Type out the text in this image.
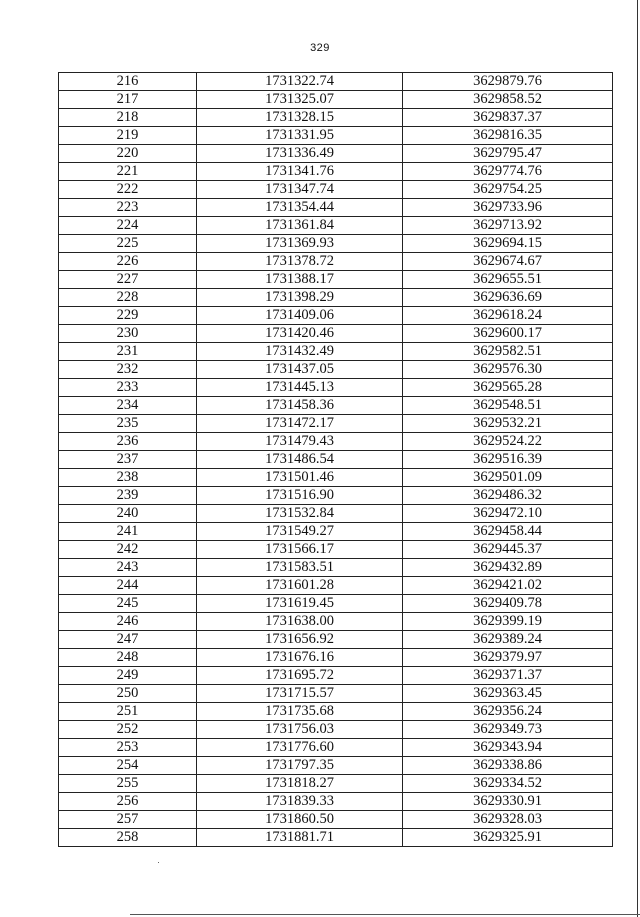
329
216	1731322.74	3629879.76
217	1731325.07	3629858.52
218	1731328.15	3629837.37
219	1731331.95	3629816.35
220	1731336.49	3629795.47
221	1731341.76	3629774.76
222	1731347.74	3629754.25
223	1731354.44	3629733.96
224	1731361.84	3629713.92
225	1731369.93	3629694.15
226	1731378.72	3629674.67
227	1731388.17	3629655.51
228	1731398.29	3629636.69
229	1731409.06	3629618.24
230	1731420.46	3629600.17
231	1731432.49	3629582.51
232	1731437.05	3629576.30
233	1731445.13	3629565.28
234	1731458.36	3629548.51
235	1731472.17	3629532.21
236	1731479.43	3629524.22
237	1731486.54	3629516.39
238	1731501.46	3629501.09
239	1731516.90	3629486.32
240	1731532.84	3629472.10
241	1731549.27	3629458.44
242	1731566.17	3629445.37
243	1731583.51	3629432.89
244	1731601.28	3629421.02
245	1731619.45	3629409.78
246	1731638.00	3629399.19
247	1731656.92	3629389.24
248	1731676.16	3629379.97
249	1731695.72	3629371.37
250	1731715.57	3629363.45
251	1731735.68	3629356.24
252	1731756.03	3629349.73
253	1731776.60	3629343.94
254	1731797.35	3629338.86
255	1731818.27	3629334.52
256	1731839.33	3629330.91
257	1731860.50	3629328.03
258	1731881.71	3629325.91
